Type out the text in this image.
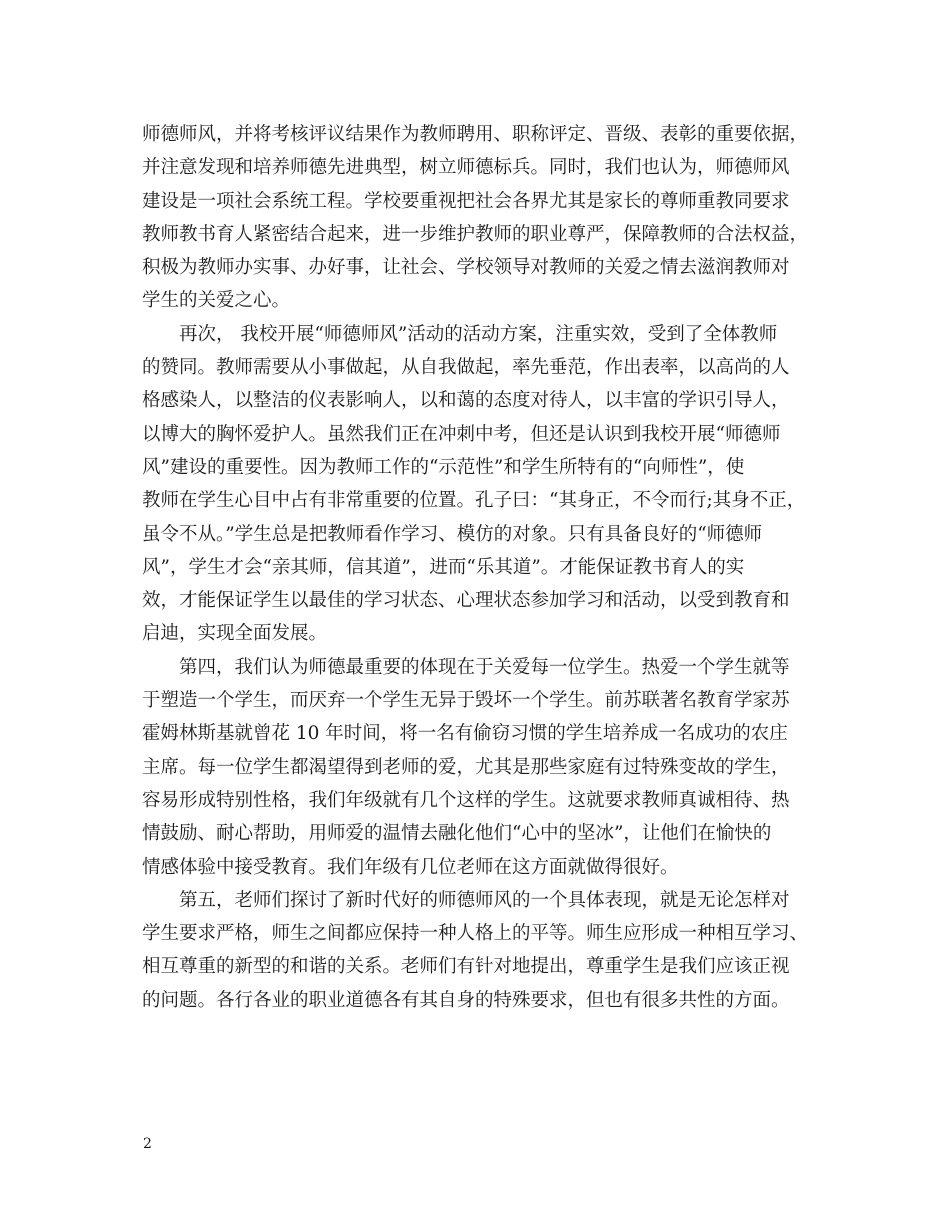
师德师风，并将考核评议结果作为教师聘用、职称评定、晋级、表彰的重要依据，
并注意发现和培养师德先进典型，树立师德标兵。同时，我们也认为，师德师风
建设是一项社会系统工程。学校要重视把社会各界尤其是家长的尊师重教同要求
教师教书育人紧密结合起来，进一步维护教师的职业尊严，保障教师的合法权益，
积极为教师办实事、办好事，让社会、学校领导对教师的关爱之情去滋润教师对
学生的关爱之心。
再次， 我校开展“师德师风”活动的活动方案，注重实效，受到了全体教师
的赞同。教师需要从小事做起，从自我做起，率先垂范，作出表率，以高尚的人
格感染人，以整洁的仪表影响人，以和蔼的态度对待人，以丰富的学识引导人，
以博大的胸怀爱护人。虽然我们正在冲刺中考，但还是认识到我校开展“师德师
风”建设的重要性。因为教师工作的“示范性”和学生所特有的“向师性”，使
教师在学生心目中占有非常重要的位置。孔子曰：“其身正，不令而行;其身不正，
虽令不从。”学生总是把教师看作学习、模仿的对象。只有具备良好的“师德师
风”，学生才会“亲其师，信其道”，进而“乐其道”。才能保证教书育人的实
效，才能保证学生以最佳的学习状态、心理状态参加学习和活动，以受到教育和
启迪，实现全面发展。
第四，我们认为师德最重要的体现在于关爱每一位学生。热爱一个学生就等
于塑造一个学生，而厌弃一个学生无异于毁坏一个学生。前苏联著名教育学家苏
霍姆林斯基就曾花 10 年时间，将一名有偷窃习惯的学生培养成一名成功的农庄
主席。每一位学生都渴望得到老师的爱，尤其是那些家庭有过特殊变故的学生，
容易形成特别性格，我们年级就有几个这样的学生。这就要求教师真诚相待、热
情鼓励、耐心帮助，用师爱的温情去融化他们“心中的坚冰”，让他们在愉快的
情感体验中接受教育。我们年级有几位老师在这方面就做得很好。
第五，老师们探讨了新时代好的师德师风的一个具体表现，就是无论怎样对
学生要求严格，师生之间都应保持一种人格上的平等。师生应形成一种相互学习、
相互尊重的新型的和谐的关系。老师们有针对地提出，尊重学生是我们应该正视
的问题。各行各业的职业道德各有其自身的特殊要求，但也有很多共性的方面。
2
